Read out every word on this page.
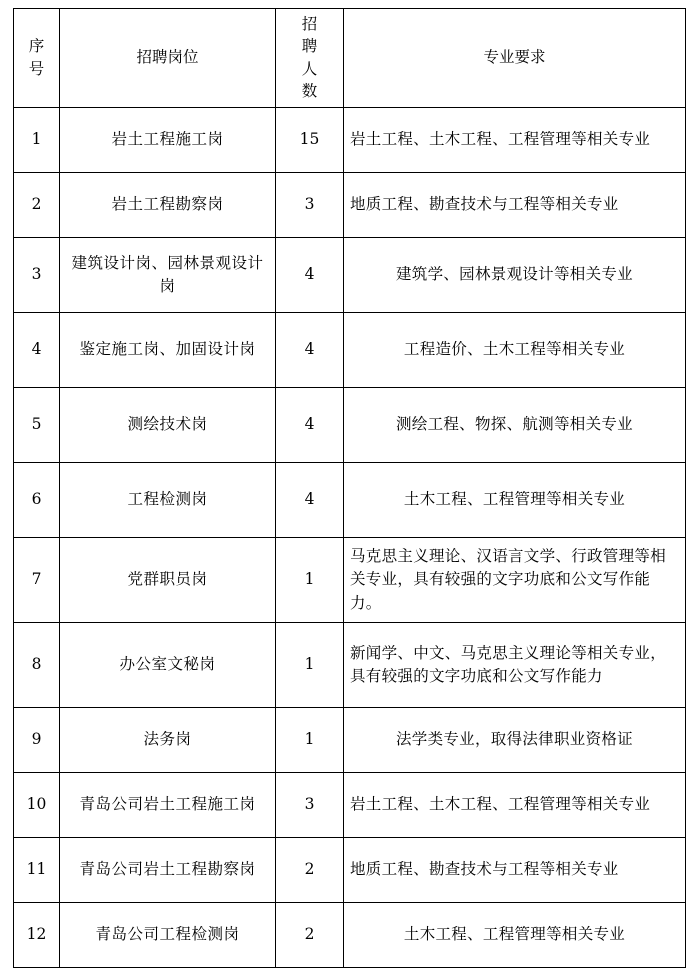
序号	招聘岗位	招聘人数	专业要求
1	岩土工程施工岗	15	岩土工程、土木工程、工程管理等相关专业
2	岩土工程勘察岗	3	地质工程、勘查技术与工程等相关专业
3	建筑设计岗、园林景观设计岗	4	建筑学、园林景观设计等相关专业
4	鉴定施工岗、加固设计岗	4	工程造价、土木工程等相关专业
5	测绘技术岗	4	测绘工程、物探、航测等相关专业
6	工程检测岗	4	土木工程、工程管理等相关专业
7	党群职员岗	1	马克思主义理论、汉语言文学、行政管理等相关专业，具有较强的文字功底和公文写作能力。
8	办公室文秘岗	1	新闻学、中文、马克思主义理论等相关专业，具有较强的文字功底和公文写作能力
9	法务岗	1	法学类专业，取得法律职业资格证
10	青岛公司岩土工程施工岗	3	岩土工程、土木工程、工程管理等相关专业
11	青岛公司岩土工程勘察岗	2	地质工程、勘查技术与工程等相关专业
12	青岛公司工程检测岗	2	土木工程、工程管理等相关专业
